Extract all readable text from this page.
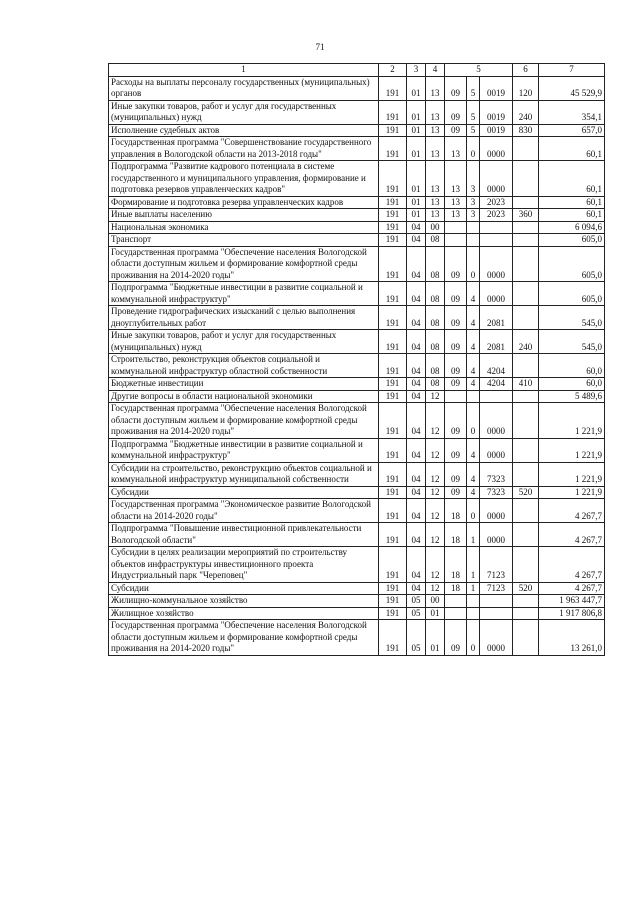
71
1	2	3	4	5			6	7
Расходы на выплаты персоналу государственных (муниципальных) органов	191	01	13	09	5	0019	120	45 529,9
Иные закупки товаров, работ и услуг для государственных (муниципальных) нужд	191	01	13	09	5	0019	240	354,1
Исполнение судебных актов	191	01	13	09	5	0019	830	657,0
Государственная программа "Совершенствование государственного управления в Вологодской области на 2013-2018 годы"	191	01	13	13	0	0000		60,1
Подпрограмма "Развитие кадрового потенциала в системе государственного и муниципального управления, формирование и подготовка резервов управленческих кадров"	191	01	13	13	3	0000		60,1
Формирование и подготовка резерва управленческих кадров	191	01	13	13	3	2023		60,1
Иные выплаты населению	191	01	13	13	3	2023	360	60,1
Национальная экономика	191	04	00					6 094,6
Транспорт	191	04	08					605,0
Государственная программа "Обеспечение населения Вологодской области доступным жильем и формирование комфортной среды проживания на 2014-2020 годы"	191	04	08	09	0	0000		605,0
Подпрограмма "Бюджетные инвестиции в развитие социальной и коммунальной инфраструктур"	191	04	08	09	4	0000		605,0
Проведение гидрографических изысканий с целью выполнения дноуглубительных работ	191	04	08	09	4	2081		545,0
Иные закупки товаров, работ и услуг для государственных (муниципальных) нужд	191	04	08	09	4	2081	240	545,0
Строительство, реконструкция объектов социальной и коммунальной инфраструктур областной собственности	191	04	08	09	4	4204		60,0
Бюджетные инвестиции	191	04	08	09	4	4204	410	60,0
Другие вопросы в области национальной экономики	191	04	12					5 489,6
Государственная программа "Обеспечение населения Вологодской области доступным жильем и формирование комфортной среды проживания на 2014-2020 годы"	191	04	12	09	0	0000		1 221,9
Подпрограмма "Бюджетные инвестиции в развитие социальной и коммунальной инфраструктур"	191	04	12	09	4	0000		1 221,9
Субсидии на строительство, реконструкцию объектов социальной и коммунальной инфраструктур муниципальной собственности	191	04	12	09	4	7323		1 221,9
Субсидии	191	04	12	09	4	7323	520	1 221,9
Государственная программа "Экономическое развитие Вологодской области на 2014-2020 годы"	191	04	12	18	0	0000		4 267,7
Подпрограмма "Повышение инвестиционной привлекательности Вологодской области"	191	04	12	18	1	0000		4 267,7
Субсидии в целях реализации мероприятий по строительству объектов инфраструктуры инвестиционного проекта Индустриальный парк "Череповец"	191	04	12	18	1	7123		4 267,7
Субсидии	191	04	12	18	1	7123	520	4 267,7
Жилищно-коммунальное хозяйство	191	05	00					1 963 447,7
Жилищное хозяйство	191	05	01					1 917 806,8
Государственная программа "Обеспечение населения Вологодской области доступным жильем и формирование комфортной среды проживания на 2014-2020 годы"	191	05	01	09	0	0000		13 261,0
